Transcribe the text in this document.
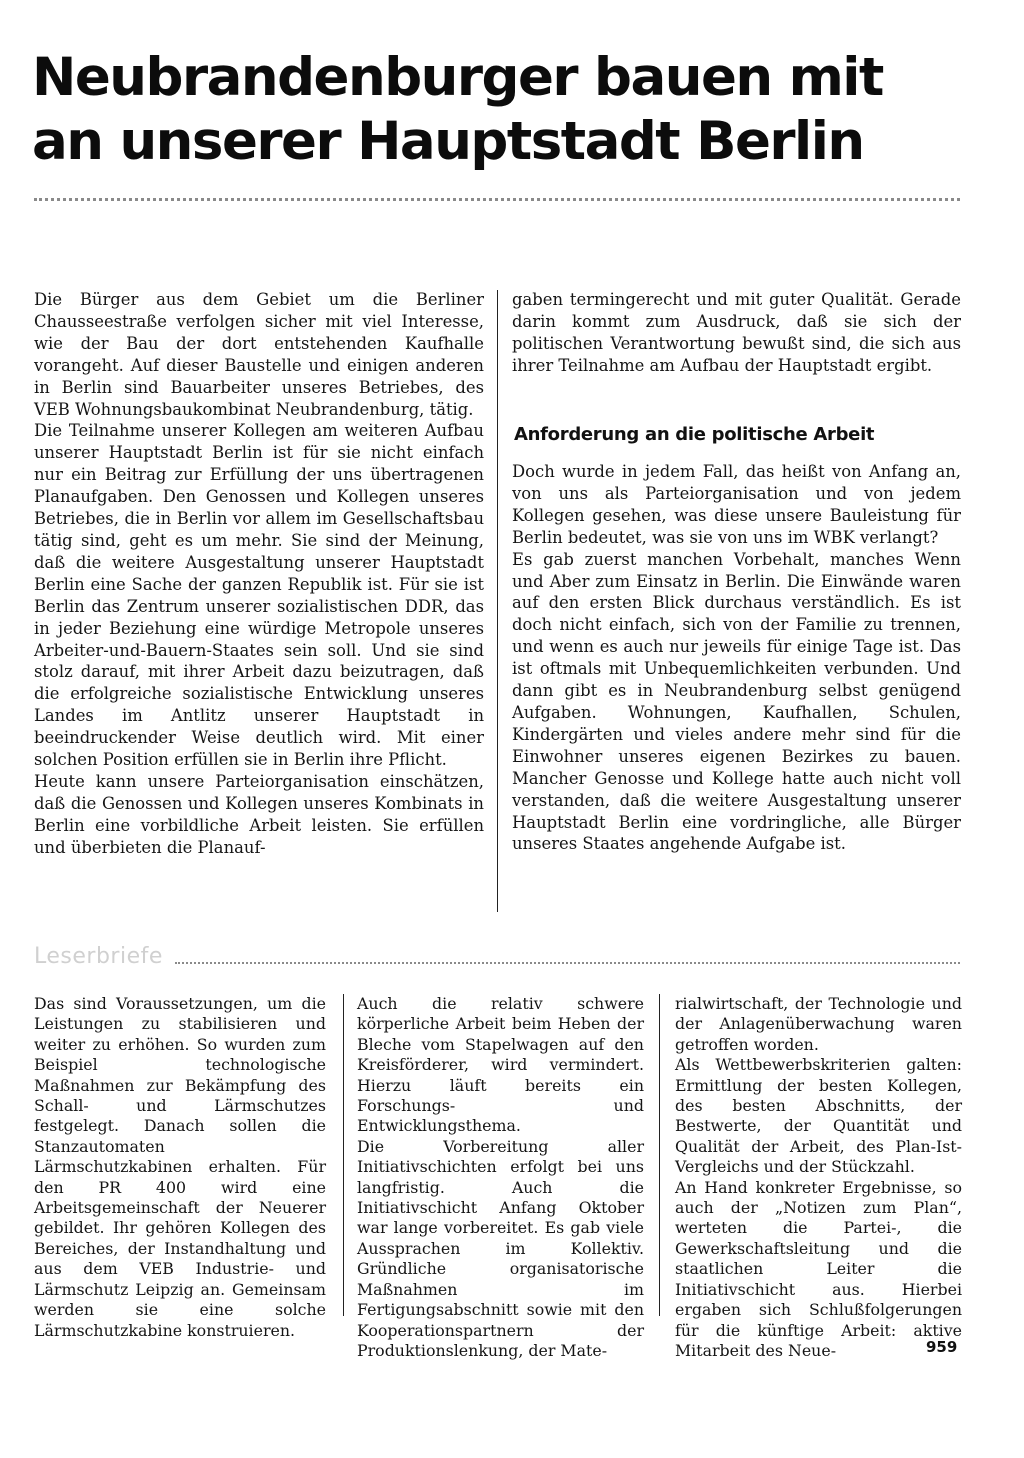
Neubrandenburger bauen mit
an unserer Hauptstadt Berlin

Die Bürger aus dem Gebiet um die Berliner Chausseestraße verfolgen sicher mit viel Interesse, wie der Bau der dort entstehenden Kaufhalle vorangeht. Auf dieser Baustelle und einigen anderen in Berlin sind Bauarbeiter unseres Betriebes, des VEB Wohnungsbaukombinat Neubrandenburg, tätig.

Die Teilnahme unserer Kollegen am weiteren Aufbau unserer Hauptstadt Berlin ist für sie nicht einfach nur ein Beitrag zur Erfüllung der uns übertragenen Planaufgaben. Den Genossen und Kollegen unseres Betriebes, die in Berlin vor allem im Gesellschaftsbau tätig sind, geht es um mehr. Sie sind der Meinung, daß die weitere Ausgestaltung unserer Hauptstadt Berlin eine Sache der ganzen Republik ist. Für sie ist Berlin das Zentrum unserer sozialistischen DDR, das in jeder Beziehung eine würdige Metropole unseres Arbeiter-und-Bauern-Staates sein soll. Und sie sind stolz darauf, mit ihrer Arbeit dazu beizutragen, daß die erfolgreiche sozialistische Entwicklung unseres Landes im Antlitz unserer Hauptstadt in beeindruckender Weise deutlich wird. Mit einer solchen Position erfüllen sie in Berlin ihre Pflicht.

Heute kann unsere Parteiorganisation einschätzen, daß die Genossen und Kollegen unseres Kombinats in Berlin eine vorbildliche Arbeit leisten. Sie erfüllen und überbieten die Planauf-

gaben termingerecht und mit guter Qualität. Gerade darin kommt zum Ausdruck, daß sie sich der politischen Verantwortung bewußt sind, die sich aus ihrer Teilnahme am Aufbau der Hauptstadt ergibt.

Anforderung an die politische Arbeit

Doch wurde in jedem Fall, das heißt von Anfang an, von uns als Parteiorganisation und von jedem Kollegen gesehen, was diese unsere Bauleistung für Berlin bedeutet, was sie von uns im WBK verlangt?

Es gab zuerst manchen Vorbehalt, manches Wenn und Aber zum Einsatz in Berlin. Die Einwände waren auf den ersten Blick durchaus verständlich. Es ist doch nicht einfach, sich von der Familie zu trennen, und wenn es auch nur jeweils für einige Tage ist. Das ist oftmals mit Unbequemlichkeiten verbunden. Und dann gibt es in Neubrandenburg selbst genügend Aufgaben. Wohnungen, Kaufhallen, Schulen, Kindergärten und vieles andere mehr sind für die Einwohner unseres eigenen Bezirkes zu bauen. Mancher Genosse und Kollege hatte auch nicht voll verstanden, daß die weitere Ausgestaltung unserer Hauptstadt Berlin eine vordringliche, alle Bürger unseres Staates angehende Aufgabe ist.

Leserbriefe

Das sind Voraussetzungen, um die Leistungen zu stabilisieren und weiter zu erhöhen. So wurden zum Beispiel technologische Maßnahmen zur Bekämpfung des Schall- und Lärmschutzes festgelegt. Danach sollen die Stanzautomaten Lärmschutzkabinen erhalten. Für den PR 400 wird eine Arbeitsgemeinschaft der Neuerer gebildet. Ihr gehören Kollegen des Bereiches, der Instandhaltung und aus dem VEB Industrie- und Lärmschutz Leipzig an. Gemeinsam werden sie eine solche Lärmschutzkabine konstruieren.

Auch die relativ schwere körperliche Arbeit beim Heben der Bleche vom Stapelwagen auf den Kreisförderer, wird vermindert. Hierzu läuft bereits ein Forschungs- und Entwicklungsthema.

Die Vorbereitung aller Initiativschichten erfolgt bei uns langfristig. Auch die Initiativschicht Anfang Oktober war lange vorbereitet. Es gab viele Aussprachen im Kollektiv. Gründliche organisatorische Maßnahmen im Fertigungsabschnitt sowie mit den Kooperationspartnern der Produktionslenkung, der Mate-

rialwirtschaft, der Technologie und der Anlagenüberwachung waren getroffen worden.

Als Wettbewerbskriterien galten: Ermittlung der besten Kollegen, des besten Abschnitts, der Bestwerte, der Quantität und Qualität der Arbeit, des Plan-Ist-Vergleichs und der Stückzahl.

An Hand konkreter Ergebnisse, so auch der „Notizen zum Plan“, werteten die Partei-, die Gewerkschaftsleitung und die staatlichen Leiter die Initiativschicht aus. Hierbei ergaben sich Schlußfolgerungen für die künftige Arbeit: aktive Mitarbeit des Neue-	959
